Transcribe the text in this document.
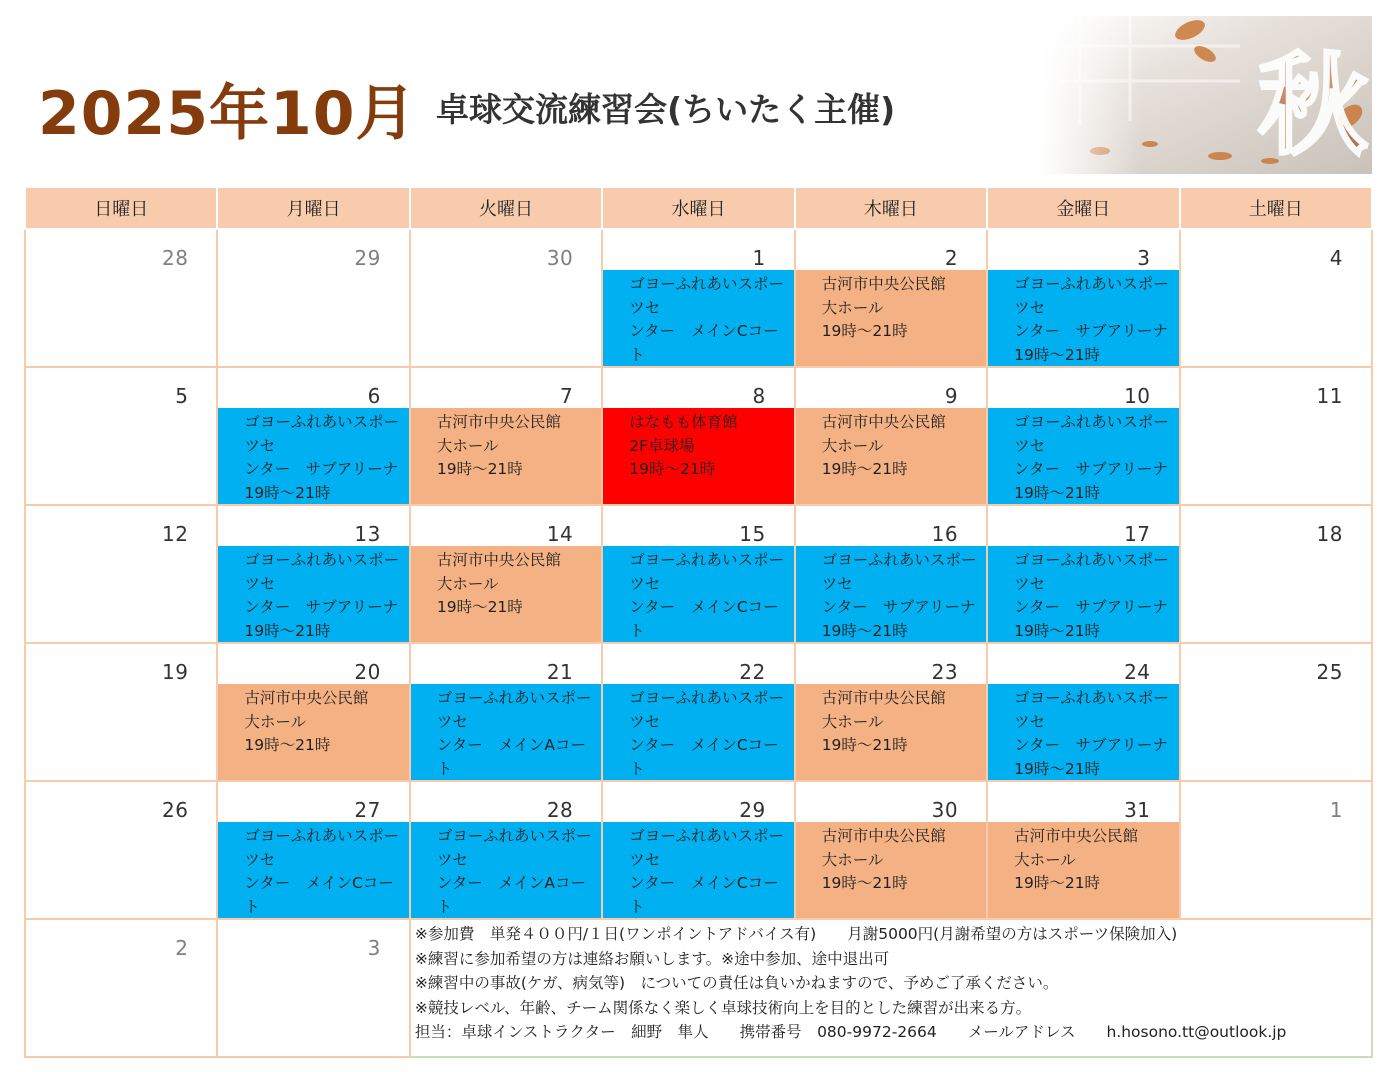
2025年10月 卓球交流練習会(ちいたく主催)
日曜日	月曜日	火曜日	水曜日	木曜日	金曜日	土曜日

28	29	30	1
ゴヨーふれあいスポーツセ
ンター　メインCコート	2
古河市中央公民館
大ホール
19時～21時	3
ゴヨーふれあいスポーツセ
ンター　サブアリーナ
19時～21時	4

5	6
ゴヨーふれあいスポーツセ
ンター　サブアリーナ
19時～21時	7
古河市中央公民館
大ホール
19時～21時	8
はなもも体育館
2F卓球場
19時～21時	9
古河市中央公民館
大ホール
19時～21時	10
ゴヨーふれあいスポーツセ
ンター　サブアリーナ
19時～21時	11

12	13
ゴヨーふれあいスポーツセ
ンター　サブアリーナ
19時～21時	14
古河市中央公民館
大ホール
19時～21時	15
ゴヨーふれあいスポーツセ
ンター　メインCコート	16
ゴヨーふれあいスポーツセ
ンター　サブアリーナ
19時～21時	17
ゴヨーふれあいスポーツセ
ンター　サブアリーナ
19時～21時	18

19	20
古河市中央公民館
大ホール
19時～21時	21
ゴヨーふれあいスポーツセ
ンター　メインAコート	22
ゴヨーふれあいスポーツセ
ンター　メインCコート	23
古河市中央公民館
大ホール
19時～21時	24
ゴヨーふれあいスポーツセ
ンター　サブアリーナ
19時～21時	25

26	27
ゴヨーふれあいスポーツセ
ンター　メインCコート	28
ゴヨーふれあいスポーツセ
ンター　メインAコート	29
ゴヨーふれあいスポーツセ
ンター　メインCコート	30
古河市中央公民館
大ホール
19時～21時	31
古河市中央公民館
大ホール
19時～21時	1

2	3	※参加費　単発４００円/１日(ワンポイントアドバイス有)　　月謝5000円(月謝希望の方はスポーツ保険加入)
※練習に参加希望の方は連絡お願いします。※途中参加、途中退出可
※練習中の事故(ケガ、病気等)　についての責任は負いかねますので、予めご了承ください。
※競技レベル、年齢、チーム関係なく楽しく卓球技術向上を目的とした練習が出来る方。
担当：卓球インストラクター　細野　隼人　　携帯番号　080-9972-2664　　メールアドレス　　h.hosono.tt@outlook.jp				
